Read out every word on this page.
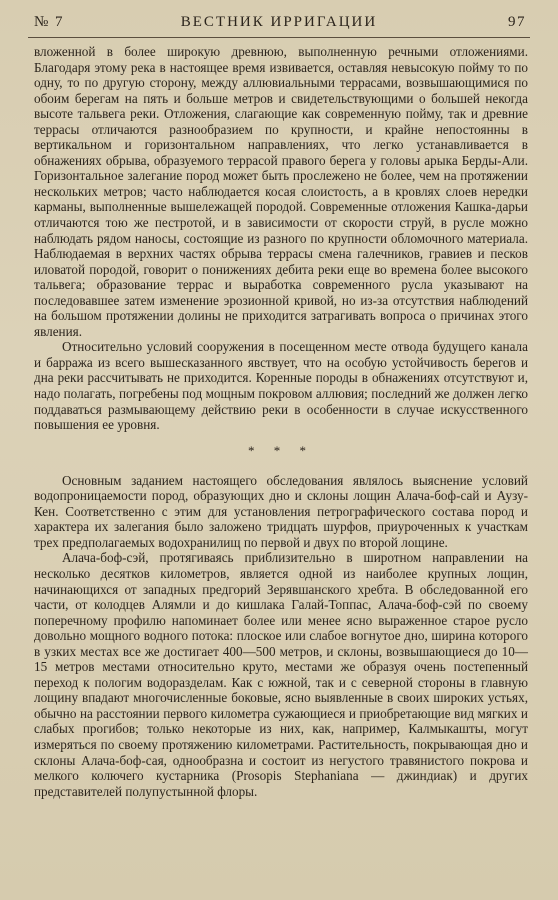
№ 7	ВЕСТНИК ИРРИГАЦИИ	97

вложенной в более широкую древнюю, выполненную речными отложениями. Благодаря этому река в настоящее время извивается, оставляя невысокую пойму то по одну, то по другую сторону, между аллювиальными террасами, возвышающимися по обоим берегам на пять и больше метров и свидетельствующими о большей некогда высоте тальвега реки. Отложения, слагающие как современную пойму, так и древние террасы отличаются разнообразием по крупности, и крайне непостоянны в вертикальном и горизонтальном направлениях, что легко устанавливается в обнажениях обрыва, образуемого террасой правого берега у головы арыка Берды-Али. Горизонтальное залегание пород может быть прослежено не более, чем на протяжении нескольких метров; часто наблюдается косая слоистость, а в кровлях слоев нередки карманы, выполненные вышележащей породой. Современные отложения Кашка-дарьи отличаются тою же пестротой, и в зависимости от скорости струй, в русле можно наблюдать рядом наносы, состоящие из разного по крупности обломочного материала. Наблюдаемая в верхних частях обрыва террасы смена галечников, гравиев и песков иловатой породой, говорит о понижениях дебита реки еще во времена более высокого тальвега; образование террас и выработка современного русла указывают на последовавшее затем изменение эрозионной кривой, но из-за отсутствия наблюдений на большом протяжении долины не приходится затрагивать вопроса о причинах этого явления.

Относительно условий сооружения в посещенном месте отвода будущего канала и барража из всего вышесказанного явствует, что на особую устойчивость берегов и дна реки рассчитывать не приходится. Коренные породы в обнажениях отсутствуют и, надо полагать, погребены под мощным покровом аллювия; последний же должен легко поддаваться размывающему действию реки в особенности в случае искусственного повышения ее уровня.

* * *

Основным заданием настоящего обследования являлось выяснение условий водопроницаемости пород, образующих дно и склоны лощин Алача-боф-сай и Аузу-Кен. Соответственно с этим для установления петрографического состава пород и характера их залегания было заложено тридцать шурфов, приуроченных к участкам трех предполагаемых водохранилищ по первой и двух по второй лощине.

Алача-боф-сэй, протягиваясь приблизительно в широтном направлении на несколько десятков километров, является одной из наиболее крупных лощин, начинающихся от западных предгорий Зерявшанского хребта. В обследованной его части, от колодцев Алямли и до кишлака Галай-Топпас, Алача-боф-сэй по своему поперечному профилю напоминает более или менее ясно выраженное старое русло довольно мощного водного потока: плоское или слабое вогнутое дно, ширина которого в узких местах все же достигает 400—500 метров, и склоны, возвышающиеся до 10—15 метров местами относительно круто, местами же образуя очень постепенный переход к пологим водоразделам. Как с южной, так и с северной стороны в главную лощину впадают многочисленные боковые, ясно выявленные в своих широких устьях, обычно на расстоянии первого километра сужающиеся и приобретающие вид мягких и слабых прогибов; только некоторые из них, как, например, Калмыкашты, могут измеряться по своему протяжению километрами. Растительность, покрывающая дно и склоны Алача-боф-сая, однообразна и состоит из негустого травянистого покрова и мелкого колючего кустарника (Prosopis Stephaniana — джиндиак) и других представителей полупустынной флоры.
